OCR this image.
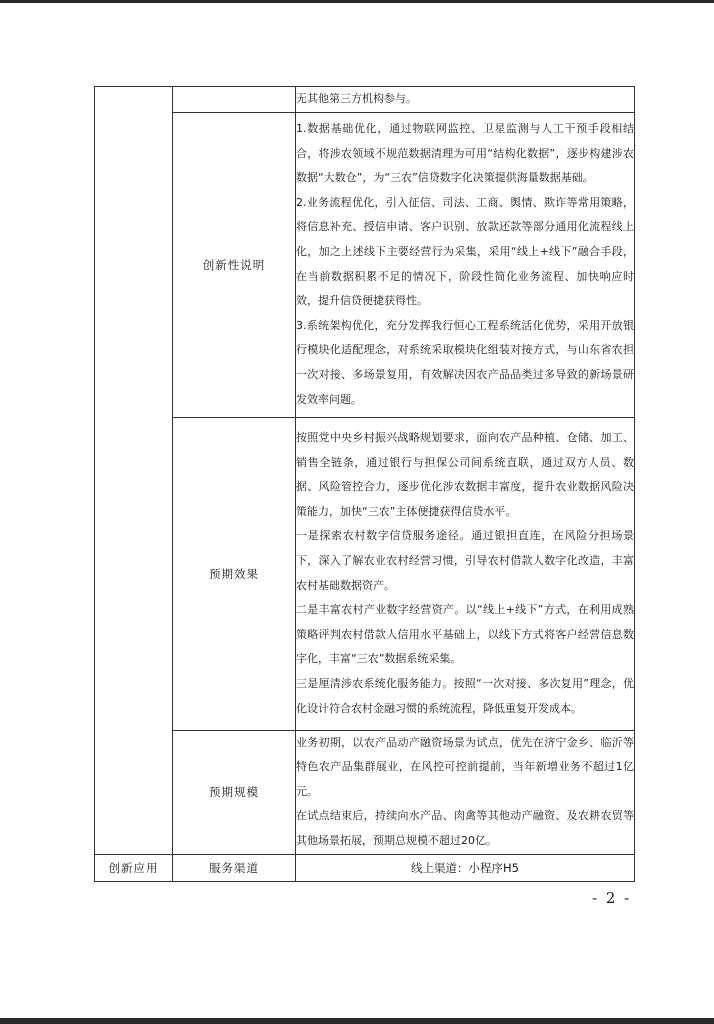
		无其他第三方机构参与。

	创新性说明	1.数据基础优化，通过物联网监控、卫星监测与人工干预手段相结合，将涉农领域不规范数据清理为可用“结构化数据”，逐步构建涉农数据“大数仓”，为“三农”信贷数字化决策提供海量数据基础。

2.业务流程优化，引入征信、司法、工商、舆情、欺诈等常用策略，将信息补充、授信申请、客户识别、放款还款等部分通用化流程线上化，加之上述线下主要经营行为采集，采用“线上+线下”融合手段，在当前数据积累不足的情况下，阶段性简化业务流程、加快响应时效，提升信贷便捷获得性。

3.系统架构优化，充分发挥我行恒心工程系统活化优势，采用开放银行模块化适配理念，对系统采取模块化组装对接方式，与山东省农担一次对接、多场景复用，有效解决因农产品品类过多导致的新场景研发效率问题。

	预期效果	按照党中央乡村振兴战略规划要求，面向农产品种植、仓储、加工、销售全链条，通过银行与担保公司间系统直联，通过双方人员、数据、风险管控合力，逐步优化涉农数据丰富度，提升农业数据风险决策能力，加快“三农”主体便捷获得信贷水平。

一是探索农村数字信贷服务途径。通过银担直连，在风险分担场景下，深入了解农业农村经营习惯，引导农村借款人数字化改造，丰富农村基础数据资产。

二是丰富农村产业数字经营资产。以“线上+线下”方式，在利用成熟策略评判农村借款人信用水平基础上，以线下方式将客户经营信息数字化，丰富“三农”数据系统采集。

三是厘清涉农系统化服务能力。按照“一次对接、多次复用”理念，优化设计符合农村金融习惯的系统流程，降低重复开发成本。

	预期规模	业务初期，以农产品动产融资场景为试点，优先在济宁金乡、临沂等特色农产品集群展业，在风控可控前提前，当年新增业务不超过1亿元。

在试点结束后，持续向水产品、肉禽等其他动产融资、及农耕农贸等其他场景拓展，预期总规模不超过20亿。

创新应用	服务渠道	线上渠道：小程序H5
- 2 -
